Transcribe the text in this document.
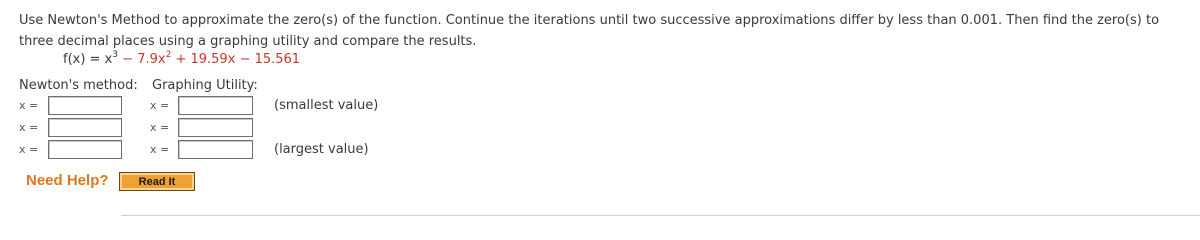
Use Newton's Method to approximate the zero(s) of the function. Continue the iterations until two successive approximations differ by less than 0.001. Then find the zero(s) to three decimal places using a graphing utility and compare the results.
$f(x) = x^3 - 7.9x^2 + 19.59x - 15.561$
Newton's method: Graphing Utility:
x =	x =	(smallest value)
x =	x =
x =	x =	(largest value)
Need Help?	Read It
